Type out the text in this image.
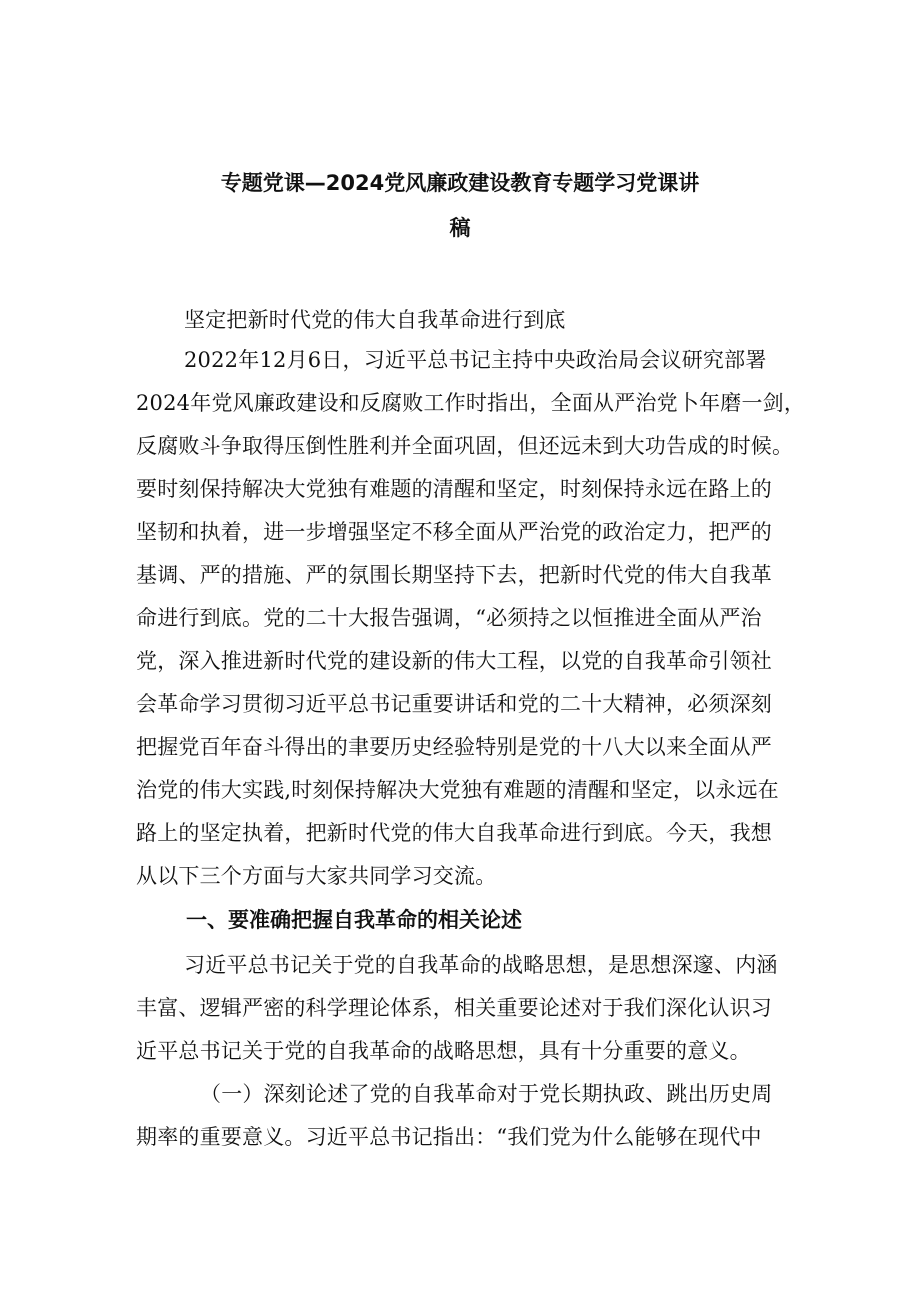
专题党课—2024党风廉政建设教育专题学习党课讲
稿
坚定把新时代党的伟大自我革命进行到底
2022年12月6日，习近平总书记主持中央政治局会议研究部署
2024年党风廉政建设和反腐败工作时指出，全面从严治党卜年磨一剑，
反腐败斗争取得压倒性胜利并全面巩固，但还远未到大功告成的时候。
要时刻保持解决大党独有难题的清醒和坚定，时刻保持永远在路上的
坚韧和执着，进一步增强坚定不移全面从严治党的政治定力，把严的
基调、严的措施、严的氛围长期坚持下去，把新时代党的伟大自我革
命进行到底。党的二十大报告强调，“必须持之以恒推进全面从严治
党，深入推进新时代党的建设新的伟大工程，以党的自我革命引领社
会革命学习贯彻习近平总书记重要讲话和党的二十大精神，必须深刻
把握党百年奋斗得出的聿要历史经验特别是党的十八大以来全面从严
治党的伟大实践,时刻保持解决大党独有难题的清醒和坚定，以永远在
路上的坚定执着，把新时代党的伟大自我革命进行到底。今天，我想
从以下三个方面与大家共同学习交流。
一、要准确把握自我革命的相关论述
习近平总书记关于党的自我革命的战略思想，是思想深邃、内涵
丰富、逻辑严密的科学理论体系，相关重要论述对于我们深化认识习
近平总书记关于党的自我革命的战略思想，具有十分重要的意义。
（一）深刻论述了党的自我革命对于党长期执政、跳出历史周
期率的重要意义。习近平总书记指出：“我们党为什么能够在现代中
